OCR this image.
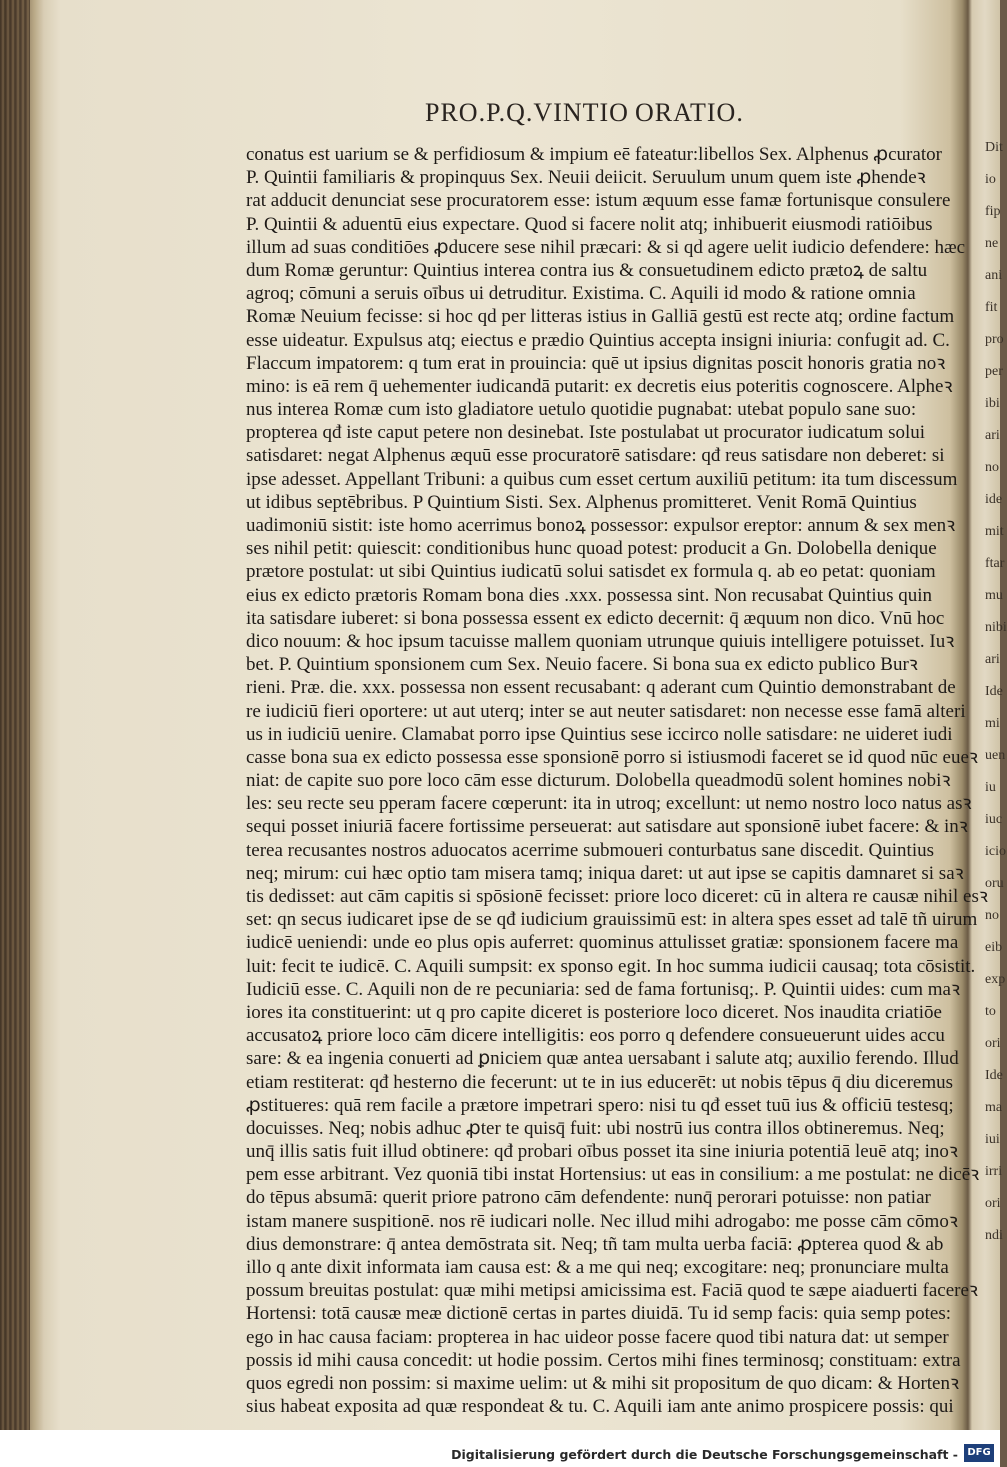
PRO.P.Q.VINTIO ORATIO.
conatus est uarium se & perfidiosum & impium eē fateatur:libellos Sex. Alphenus ꝓcurator
P. Quintii familiaris & propinquus Sex. Neuii deiicit. Seruulum unum quem iste ꝓhendeꝛ
rat adducit denunciat sese procuratorem esse: istum æquum esse famæ fortunisque consulere
P. Quintii & aduentū eius expectare. Quod si facere nolit atq; inhibuerit eiusmodi ratiōibus
illum ad suas conditiōes ꝓducere sese nihil præcari: & si qd agere uelit iudicio defendere: hæc
dum Romæ geruntur: Quintius interea contra ius & consuetudinem edicto prætoꝝ de saltu
agroq; cōmuni a seruis oībus ui detruditur. Existima. C. Aquili id modo & ratione omnia
Romæ Neuium fecisse: si hoc qd per litteras istius in Galliā gestū est recte atq; ordine factum
esse uideatur. Expulsus atq; eiectus e prædio Quintius accepta insigni iniuria: confugit ad. C.
Flaccum impatorem: q tum erat in prouincia: quē ut ipsius dignitas poscit honoris gratia noꝛ
mino: is eā rem q̄ uehementer iudicandā putarit: ex decretis eius poteritis cognoscere. Alpheꝛ
nus interea Romæ cum isto gladiatore uetulo quotidie pugnabat: utebat populo sane suo:
propterea qđ iste caput petere non desinebat. Iste postulabat ut procurator iudicatum solui
satisdaret: negat Alphenus æquū esse procuratorē satisdare: qđ reus satisdare non deberet: si
ipse adesset. Appellant Tribuni: a quibus cum esset certum auxiliū petitum: ita tum discessum
ut idibus septēbribus. P Quintium Sisti. Sex. Alphenus promitteret. Venit Romā Quintius
uadimoniū sistit: iste homo acerrimus bonoꝝ possessor: expulsor ereptor: annum & sex menꝛ
ses nihil petit: quiescit: conditionibus hunc quoad potest: producit a Gn. Dolobella denique
prætore postulat: ut sibi Quintius iudicatū solui satisdet ex formula q. ab eo petat: quoniam
eius ex edicto prætoris Romam bona dies .xxx. possessa sint. Non recusabat Quintius quin
ita satisdare iuberet: si bona possessa essent ex edicto decernit: q̄ æquum non dico. Vnū hoc
dico nouum: & hoc ipsum tacuisse mallem quoniam utrunque quiuis intelligere potuisset. Iuꝛ
bet. P. Quintium sponsionem cum Sex. Neuio facere. Si bona sua ex edicto publico Burꝛ
rieni. Præ. die. xxx. possessa non essent recusabant: q aderant cum Quintio demonstrabant de
re iudiciū fieri oportere: ut aut uterq; inter se aut neuter satisdaret: non necesse esse famā alteri
us in iudiciū uenire. Clamabat porro ipse Quintius sese iccirco nolle satisdare: ne uideret iudi
casse bona sua ex edicto possessa esse sponsionē porro si istiusmodi faceret se id quod nūc eueꝛ
niat: de capite suo pore loco cām esse dicturum. Dolobella queadmodū solent homines nobiꝛ
les: seu recte seu pperam facere cœperunt: ita in utroq; excellunt: ut nemo nostro loco natus asꝛ
sequi posset iniuriā facere fortissime perseuerat: aut satisdare aut sponsionē iubet facere: & inꝛ
terea recusantes nostros aduocatos acerrime submoueri conturbatus sane discedit. Quintius
neq; mirum: cui hæc optio tam misera tamq; iniqua daret: ut aut ipse se capitis damnaret si saꝛ
tis dedisset: aut cām capitis si spōsionē fecisset: priore loco diceret: cū in altera re causæ nihil esꝛ
set: qn secus iudicaret ipse de se qđ iudicium grauissimū est: in altera spes esset ad talē tñ uirum
iudicē ueniendi: unde eo plus opis auferret: quominus attulisset gratiæ: sponsionem facere ma
luit: fecit te iudicē. C. Aquili sumpsit: ex sponso egit. In hoc summa iudicii causaq; tota cōsistit.
Iudiciū esse. C. Aquili non de re pecuniaria: sed de fama fortunisq;. P. Quintii uides: cum maꝛ
iores ita constituerint: ut q pro capite diceret is posteriore loco diceret. Nos inaudita criatiōe
accusatoꝝ priore loco cām dicere intelligitis: eos porro q defendere consueuerunt uides accu
sare: & ea ingenia conuerti ad ꝑniciem quæ antea uersabant i salute atq; auxilio ferendo. Illud
etiam restiterat: qđ hesterno die fecerunt: ut te in ius educerēt: ut nobis tēpus q̄ diu diceremus
ꝓstitueres: quā rem facile a prætore impetrari spero: nisi tu qđ esset tuū ius & officiū testesq;
docuisses. Neq; nobis adhuc ꝓter te quisq̄ fuit: ubi nostrū ius contra illos obtineremus. Neq;
unq̄ illis satis fuit illud obtinere: qđ probari oībus posset ita sine iniuria potentiā leuē atq; inoꝛ
pem esse arbitrant. Vez quoniā tibi instat Hortensius: ut eas in consilium: a me postulat: ne dicēꝛ
do tēpus absumā: querit priore patrono cām defendente: nunq̄ perorari potuisse: non patiar
istam manere suspitionē. nos rē iudicari nolle. Nec illud mihi adrogabo: me posse cām cōmoꝛ
dius demonstrare: q̄ antea demōstrata sit. Neq; tñ tam multa uerba faciā: ꝓpterea quod & ab
illo q ante dixit informata iam causa est: & a me qui neq; excogitare: neq; pronunciare multa
possum breuitas postulat: quæ mihi metipsi amicissima est. Faciā quod te sæpe aiaduerti facereꝛ
Hortensi: totā causæ meæ dictionē certas in partes diuidā. Tu id semp facis: quia semp potes:
ego in hac causa faciam: propterea in hac uideor posse facere quod tibi natura dat: ut semper
possis id mihi causa concedit: ut hodie possim. Certos mihi fines terminosq; constituam: extra
quos egredi non possim: si maxime uelim: ut & mihi sit propositum de quo dicam: & Hortenꝛ
sius habeat exposita ad quæ respondeat & tu. C. Aquili iam ante animo prospicere possis: qui
Dit
io
fip
ne
ani
fit
pro
per
ibi
ari
no
ide
mit
ftar
mu
nibi
ari
Ide
mi
uen
iu
iuc
icio
oru
no
eib
exp
to
ori
Ide
ma
iui
irri
ori
ndi
Digitalisierung gefördert durch die Deutsche Forschungsgemeinschaft - DFG
